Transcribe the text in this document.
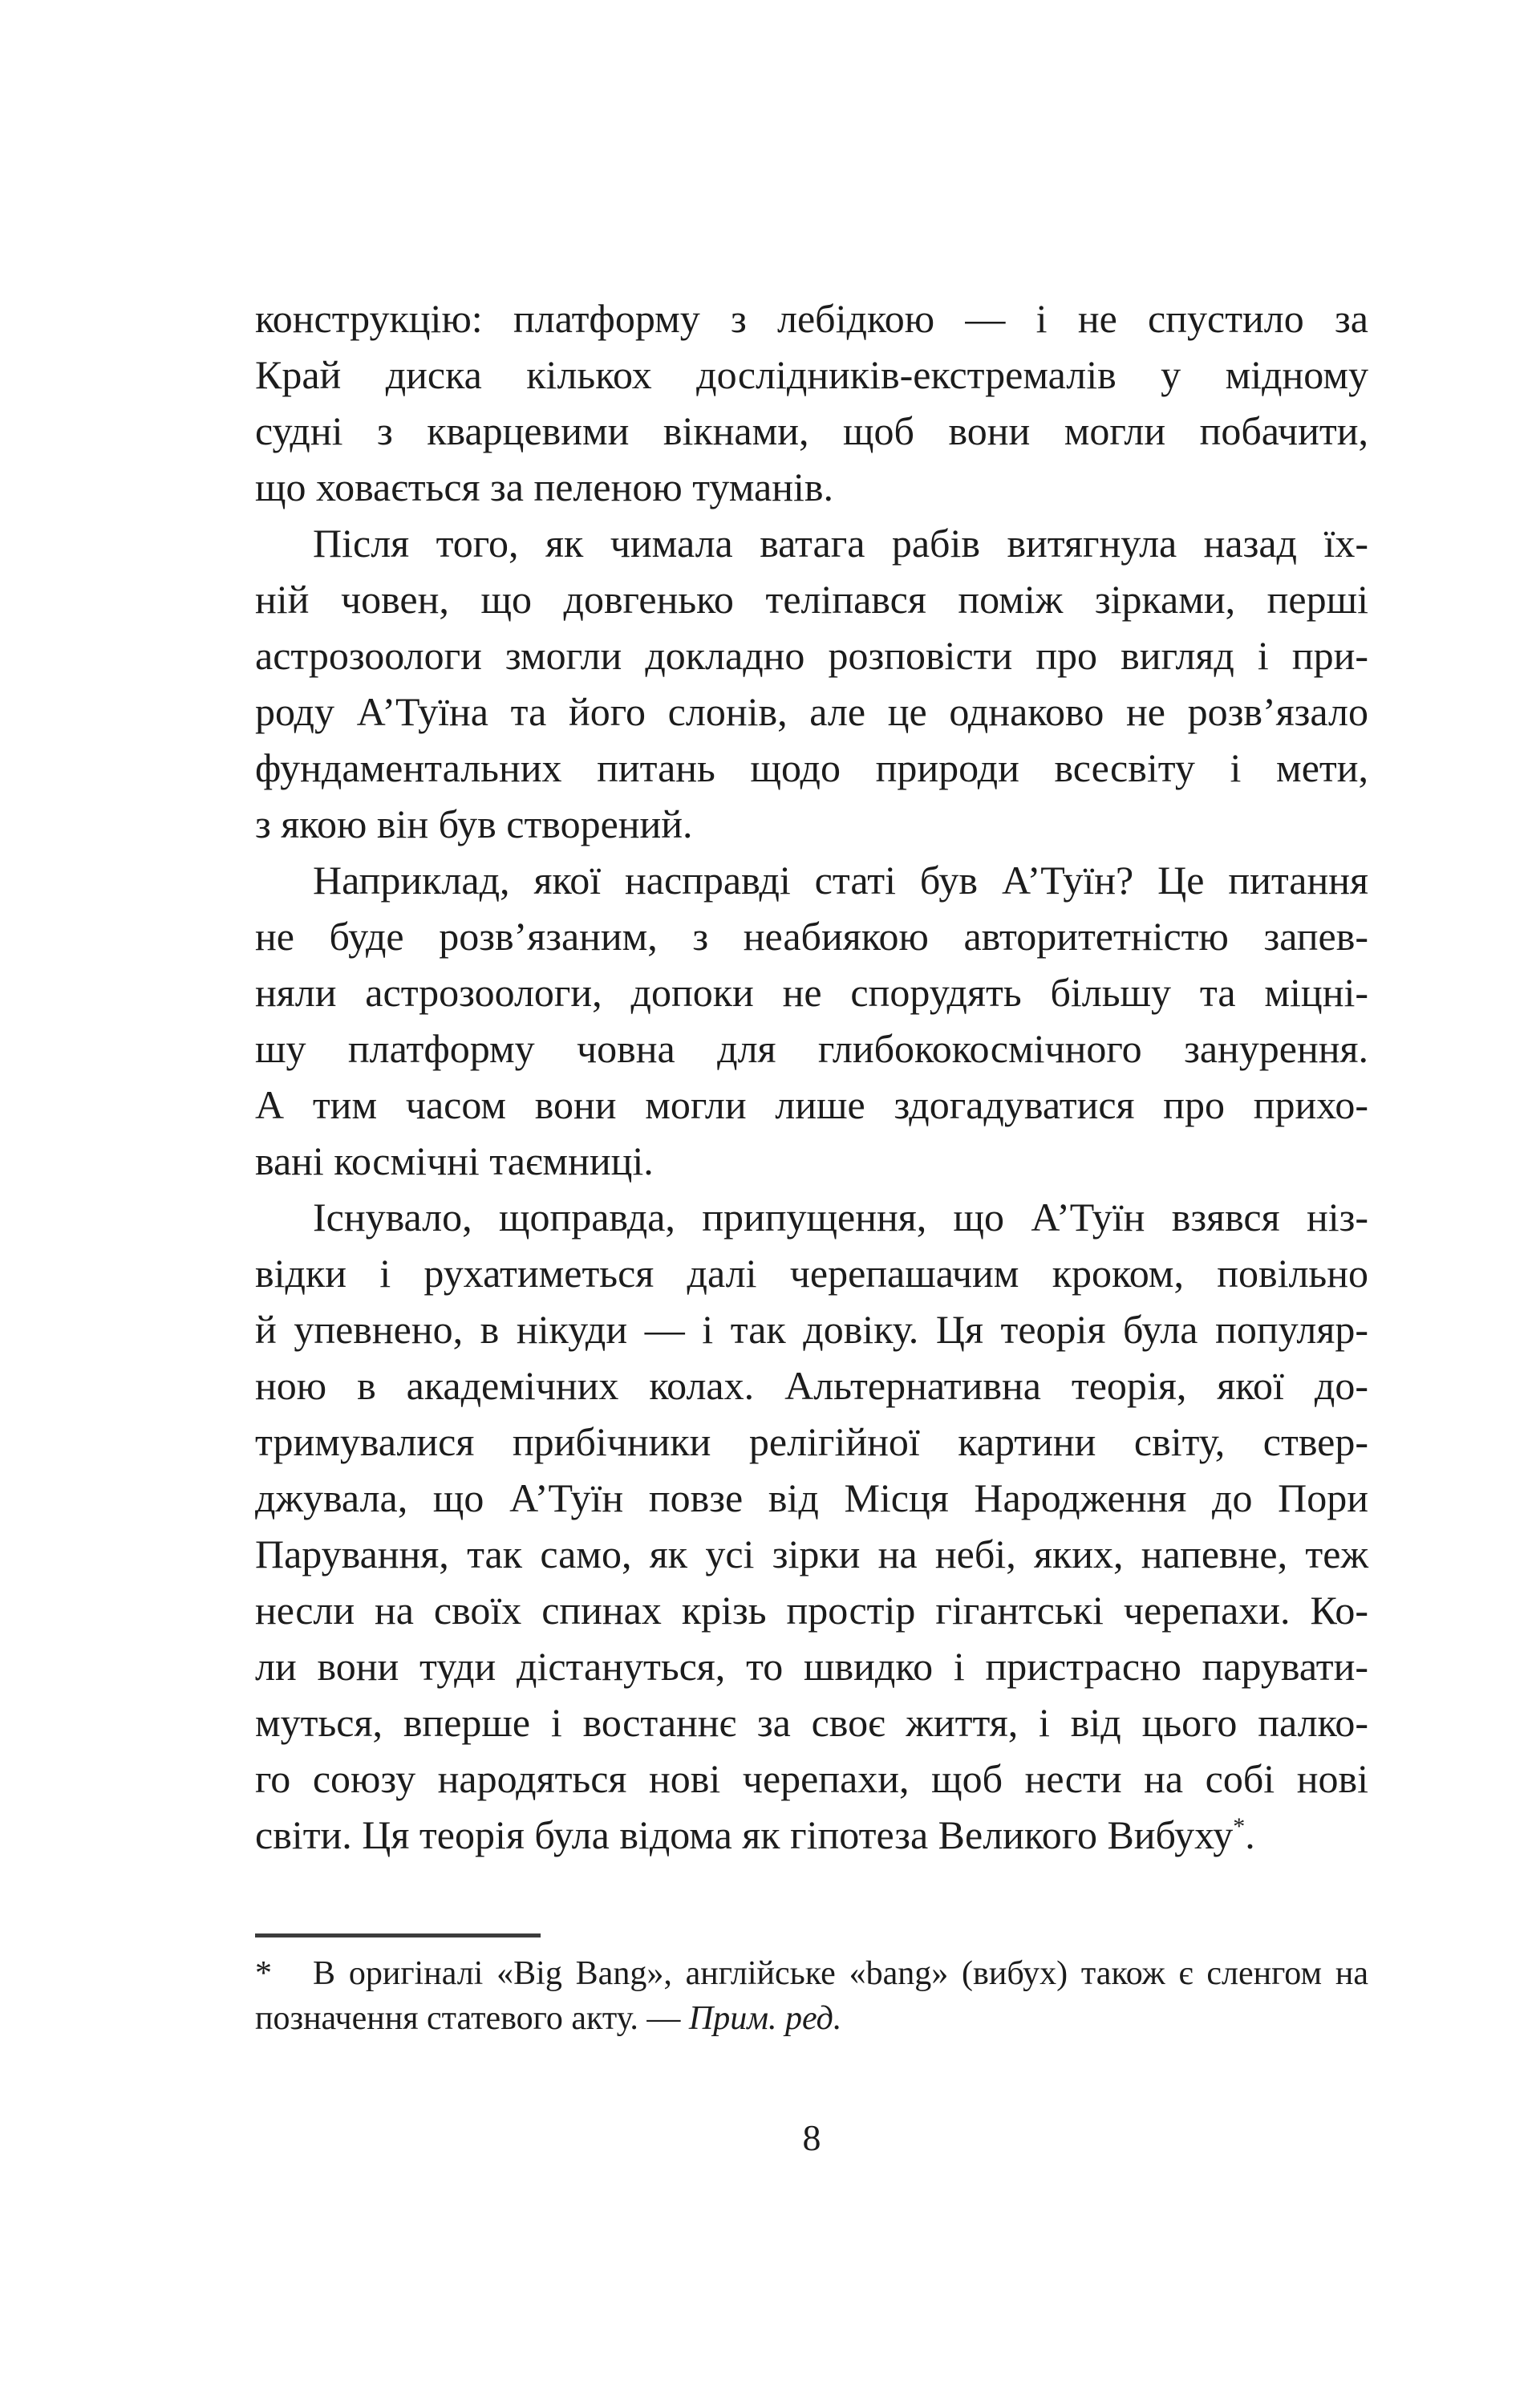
конструкцію: платформу з лебідкою — і не спустило за
Край диска кількох дослідників-екстремалів у мідному
судні з кварцевими вікнами, щоб вони могли побачити,
що ховається за пеленою туманів.
Після того, як чимала ватага рабів витягнула назад їх-
ній човен, що довгенько теліпався поміж зірками, перші
астрозоологи змогли докладно розповісти про вигляд і при-
роду А’Туїна та його слонів, але це однаково не розв’язало
фундаментальних питань щодо природи всесвіту і мети,
з якою він був створений.
Наприклад, якої насправді статі був А’Туїн? Це питання
не буде розв’язаним, з неабиякою авторитетністю запев-
няли астрозоологи, допоки не спорудять більшу та міцні-
шу платформу човна для глибококосмічного занурення.
А тим часом вони могли лише здогадуватися про прихо-
вані космічні таємниці.
Існувало, щоправда, припущення, що А’Туїн взявся ніз-
відки і рухатиметься далі черепашачим кроком, повільно
й упевнено, в нікуди — і так довіку. Ця теорія була популяр-
ною в академічних колах. Альтернативна теорія, якої до-
тримувалися прибічники релігійної картини світу, ствер-
джувала, що А’Туїн повзе від Місця Народження до Пори
Парування, так само, як усі зірки на небі, яких, напевне, теж
несли на своїх спинах крізь простір гігантські черепахи. Ко-
ли вони туди дістануться, то швидко і пристрасно парувати-
муться, вперше і востаннє за своє життя, і від цього палко-
го союзу народяться нові черепахи, щоб нести на собі нові
світи. Ця теорія була відома як гіпотеза Великого Вибуху*.
* В оригіналі «Big Bang», англійське «bang» (вибух) також є сленгом на
позначення статевого акту. — Прим. ред.
8
